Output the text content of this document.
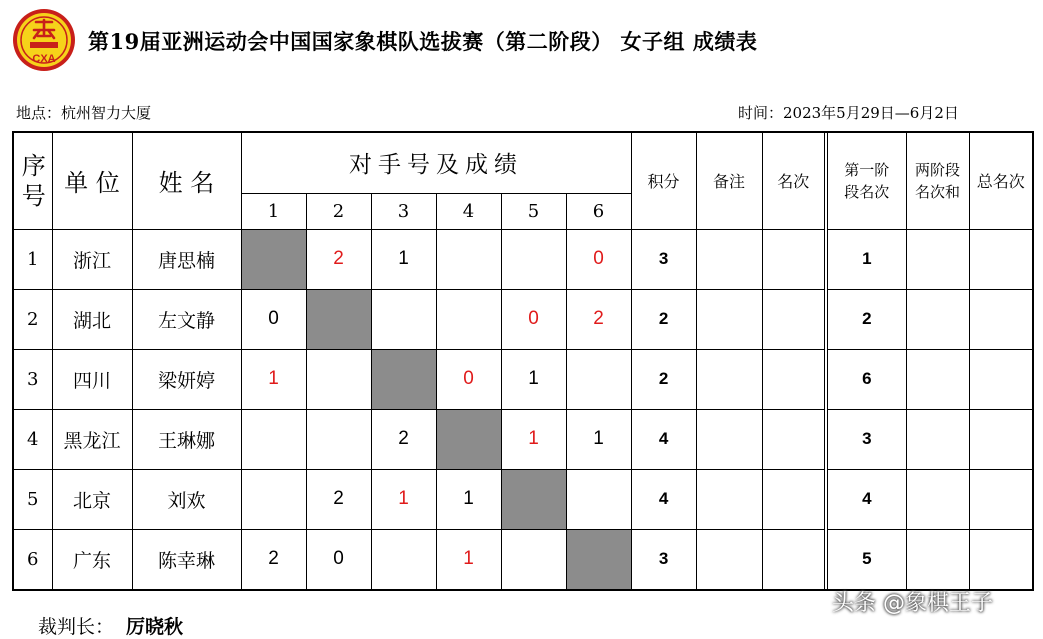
CXA
第19届亚洲运动会中国国家象棋队选拔赛（第二阶段） 女子组 成绩表
地点：杭州智力大厦	时间：2023年5月29日—6月2日
序号	单 位	姓 名	对手号及成绩						积分	备注	名次	第一阶段名次	两阶段名次和	总名次
			1	2	3	4	5	6						
1	浙江	唐思楠		2	1			0	3			1		
2	湖北	左文静	0				0	2	2			2		
3	四川	梁妍婷	1			0	1		2			6		
4	黑龙江	王琳娜			2		1	1	4			3		
5	北京	刘欢		2	1	1			4			4		
6	广东	陈幸琳	2	0		1			3			5		
裁判长： 厉晓秋
头条 @象棋王子
